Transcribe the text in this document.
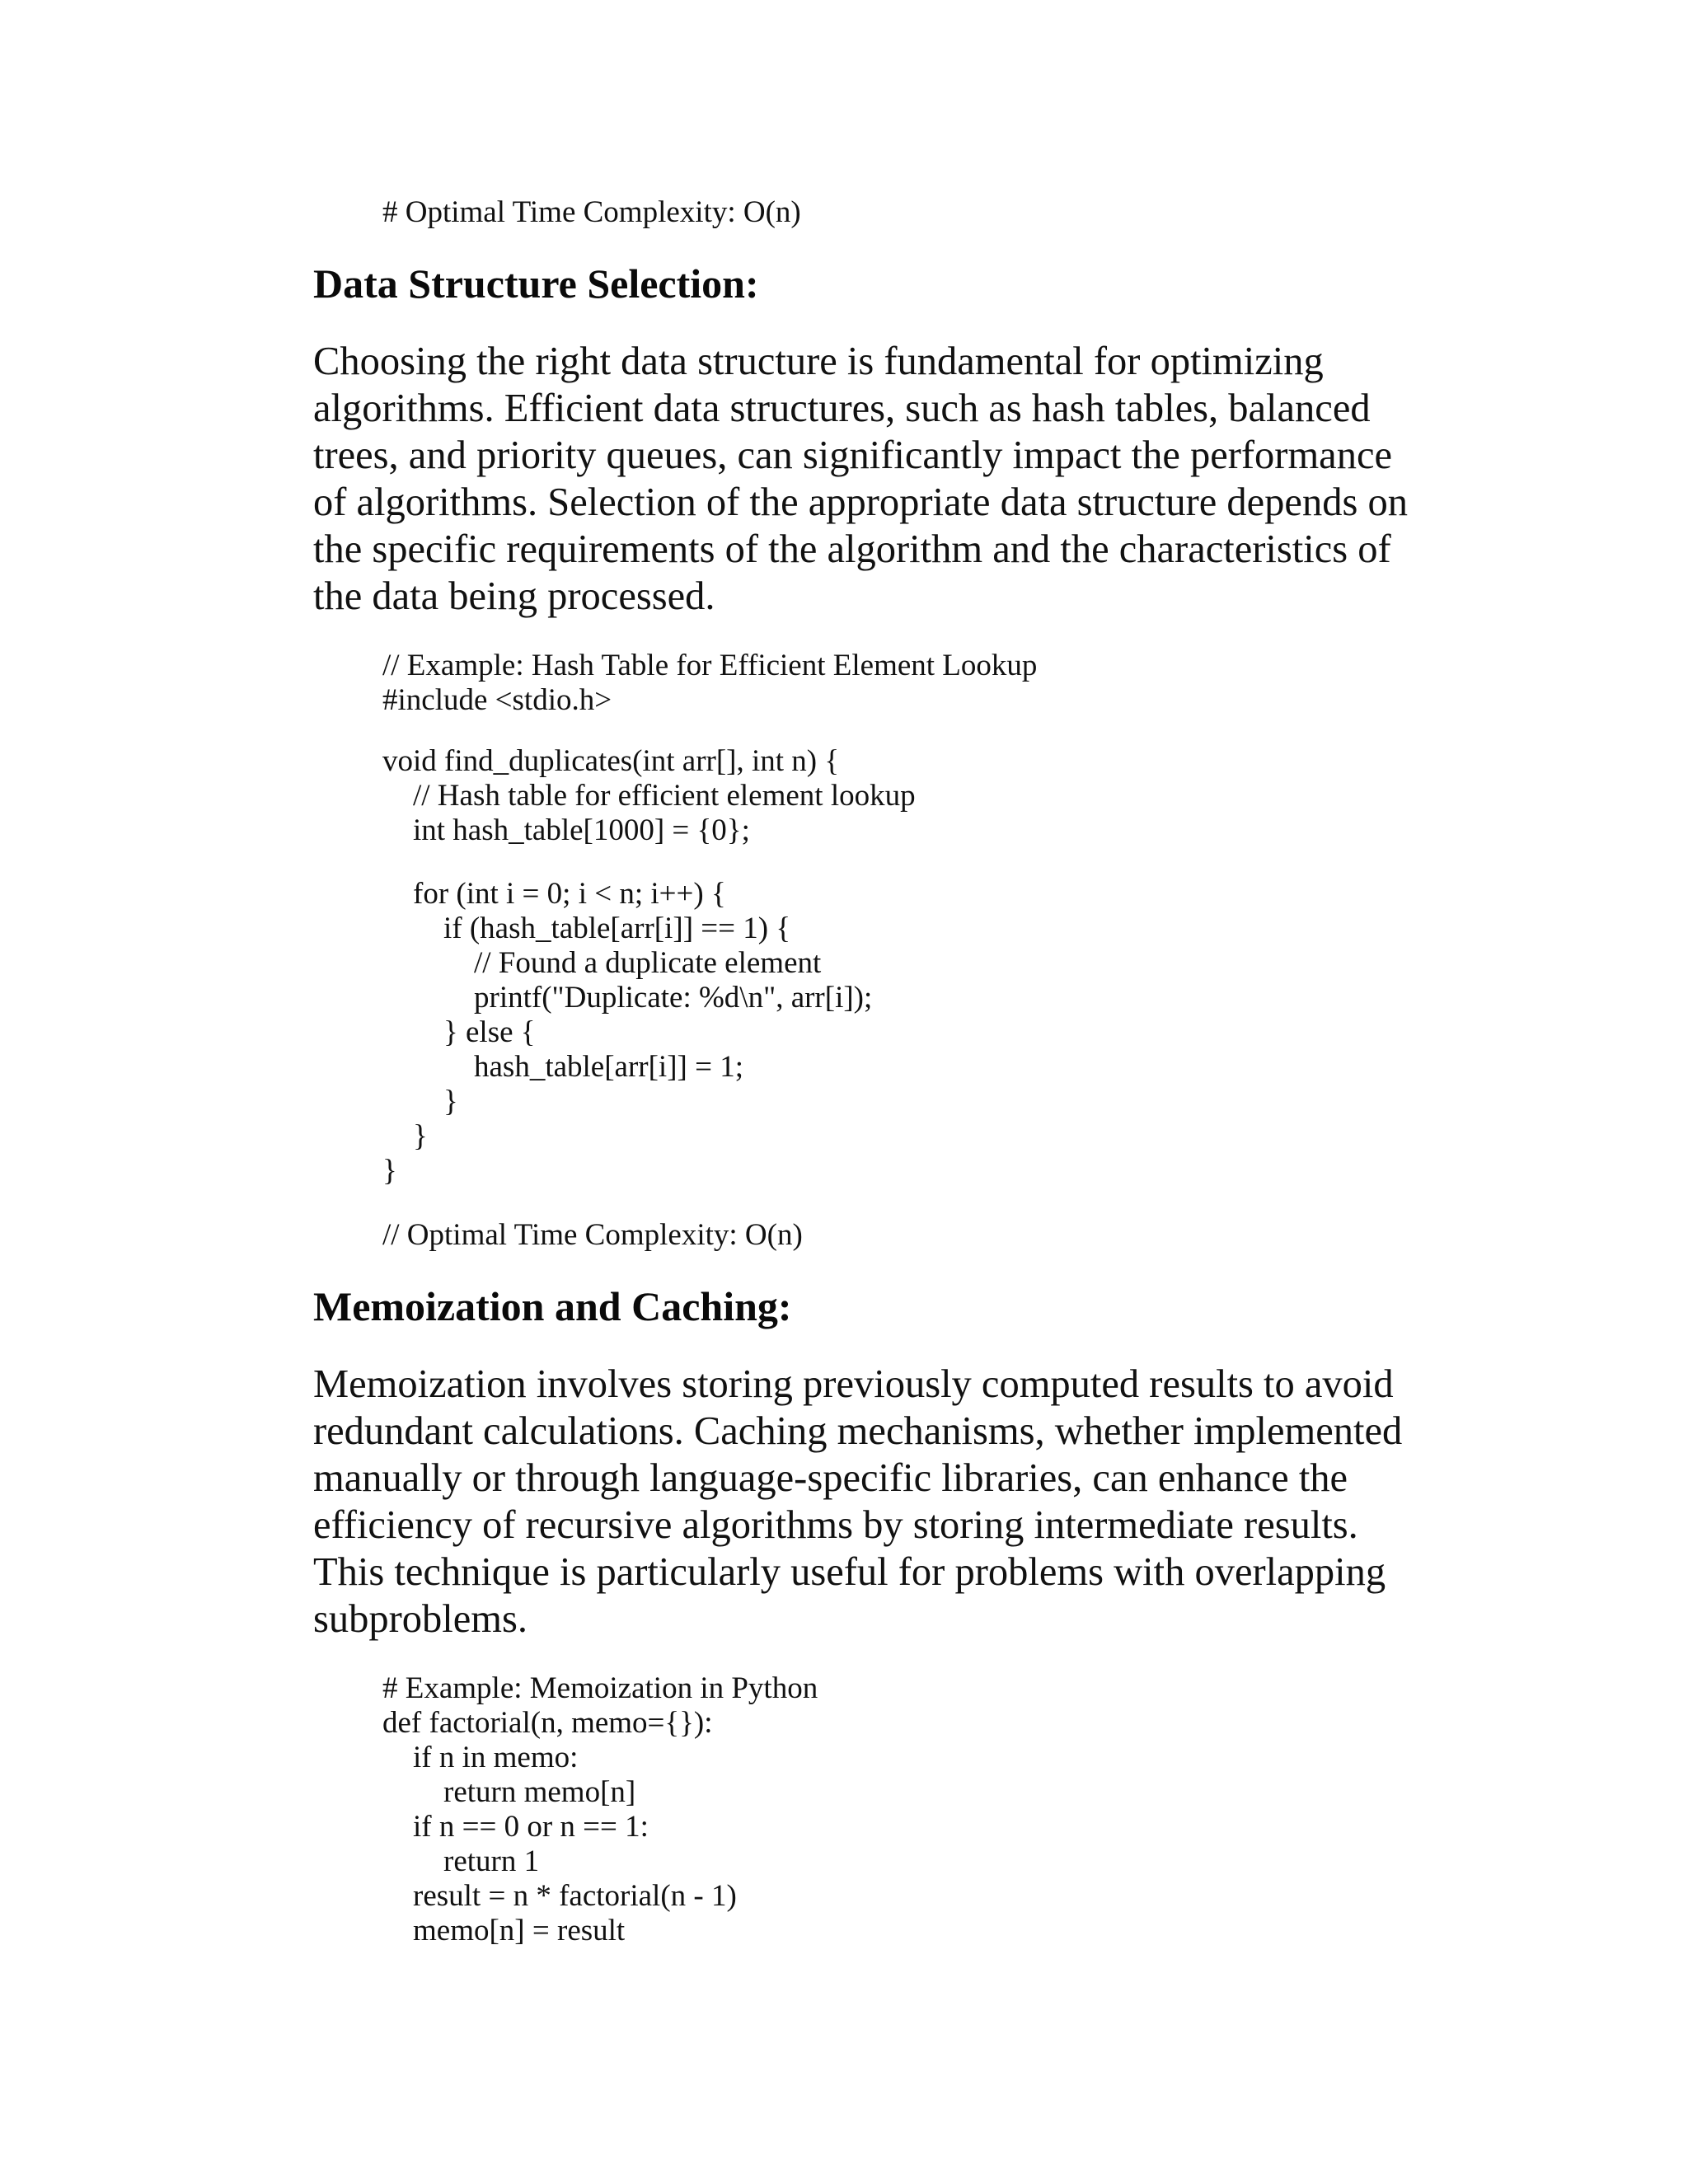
# Optimal Time Complexity: O(n)
Data Structure Selection:
Choosing the right data structure is fundamental for optimizing
algorithms. Efficient data structures, such as hash tables, balanced
trees, and priority queues, can significantly impact the performance
of algorithms. Selection of the appropriate data structure depends on
the specific requirements of the algorithm and the characteristics of
the data being processed.
// Example: Hash Table for Efficient Element Lookup
#include <stdio.h>
void find_duplicates(int arr[], int n) {
// Hash table for efficient element lookup
int hash_table[1000] = {0};
for (int i = 0; i < n; i++) {
if (hash_table[arr[i]] == 1) {
// Found a duplicate element
printf("Duplicate: %d\n", arr[i]);
} else {
hash_table[arr[i]] = 1;
}
}
}
// Optimal Time Complexity: O(n)
Memoization and Caching:
Memoization involves storing previously computed results to avoid
redundant calculations. Caching mechanisms, whether implemented
manually or through language-specific libraries, can enhance the
efficiency of recursive algorithms by storing intermediate results.
This technique is particularly useful for problems with overlapping
subproblems.
# Example: Memoization in Python
def factorial(n, memo={}):
if n in memo:
return memo[n]
if n == 0 or n == 1:
return 1
result = n * factorial(n - 1)
memo[n] = result
